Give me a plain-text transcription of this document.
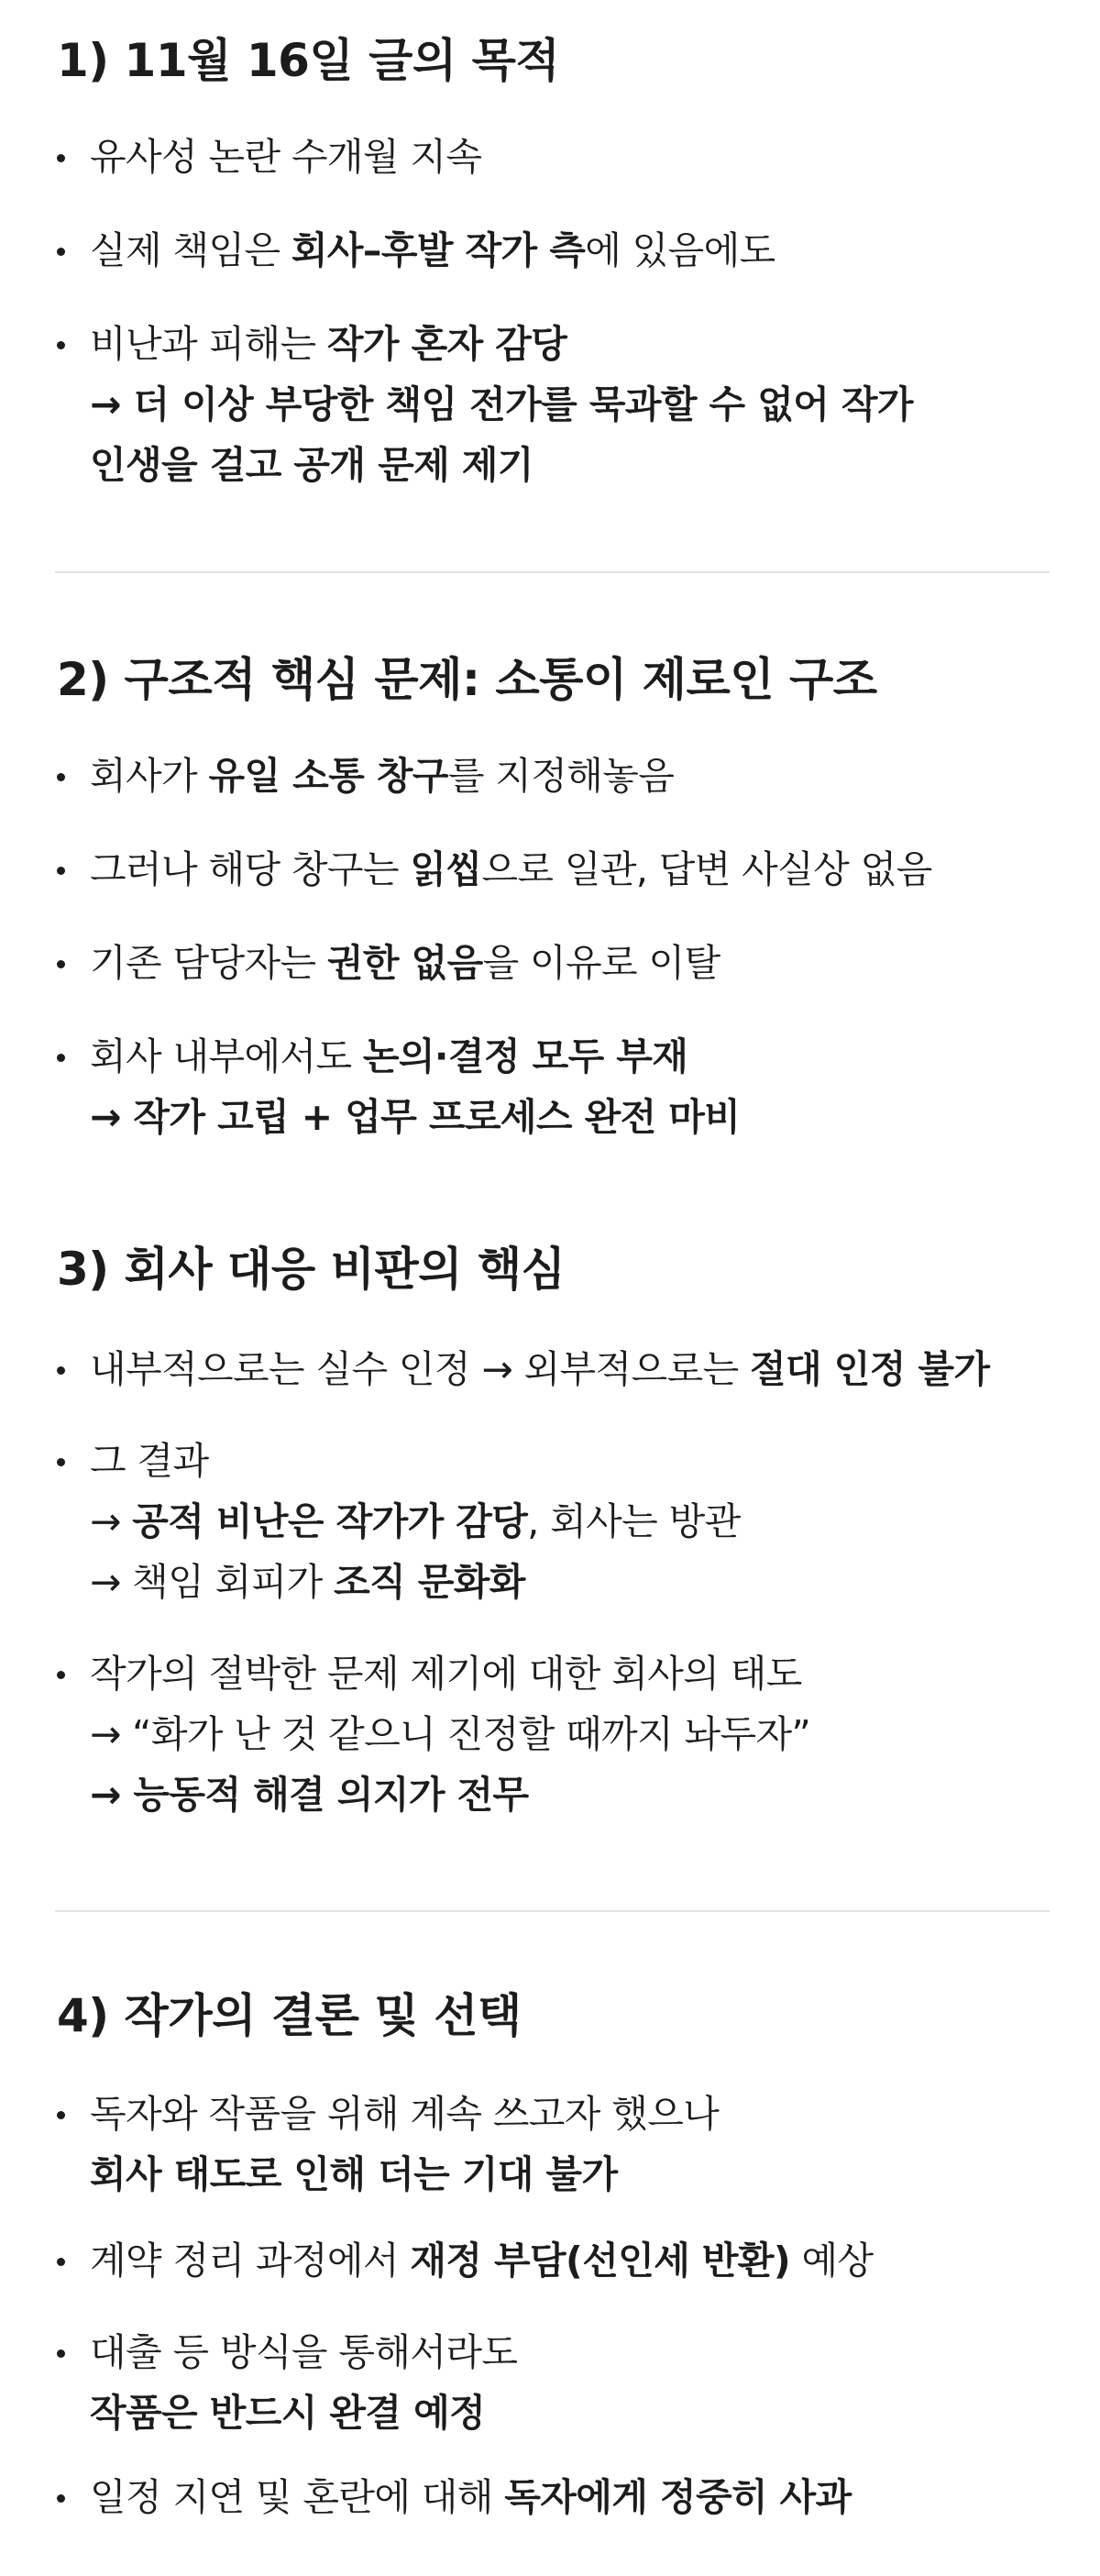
1) 11월 16일 글의 목적
유사성 논란 수개월 지속
실제 책임은 회사–후발 작가 측에 있음에도
비난과 피해는 작가 혼자 감당
→ 더 이상 부당한 책임 전가를 묵과할 수 없어 작가
인생을 걸고 공개 문제 제기
2) 구조적 핵심 문제: 소통이 제로인 구조
회사가 유일 소통 창구를 지정해놓음
그러나 해당 창구는 읽씹으로 일관, 답변 사실상 없음
기존 담당자는 권한 없음을 이유로 이탈
회사 내부에서도 논의·결정 모두 부재
→ 작가 고립 + 업무 프로세스 완전 마비
3) 회사 대응 비판의 핵심
내부적으로는 실수 인정 → 외부적으로는 절대 인정 불가
그 결과
→ 공적 비난은 작가가 감당, 회사는 방관
→ 책임 회피가 조직 문화화
작가의 절박한 문제 제기에 대한 회사의 태도
→ “화가 난 것 같으니 진정할 때까지 놔두자”
→ 능동적 해결 의지가 전무
4) 작가의 결론 및 선택
독자와 작품을 위해 계속 쓰고자 했으나
회사 태도로 인해 더는 기대 불가
계약 정리 과정에서 재정 부담(선인세 반환) 예상
대출 등 방식을 통해서라도
작품은 반드시 완결 예정
일정 지연 및 혼란에 대해 독자에게 정중히 사과
